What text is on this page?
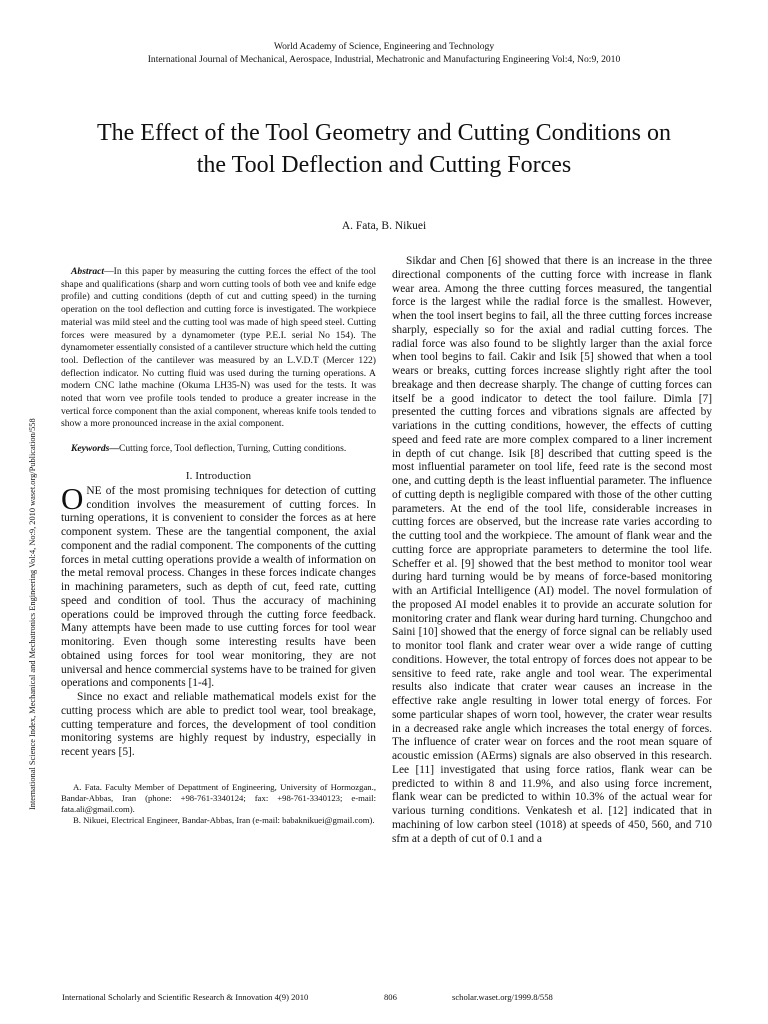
World Academy of Science, Engineering and Technology
International Journal of Mechanical, Aerospace, Industrial, Mechatronic and Manufacturing Engineering Vol:4, No:9, 2010
The Effect of the Tool Geometry and Cutting Conditions on the Tool Deflection and Cutting Forces
A. Fata, B. Nikuei
International Science Index, Mechanical and Mechatronics Engineering Vol:4, No:9, 2010 waset.org/Publication/558

Abstract—In this paper by measuring the cutting forces the effect of the tool shape and qualifications (sharp and worn cutting tools of both vee and knife edge profile) and cutting conditions (depth of cut and cutting speed) in the turning operation on the tool deflection and cutting force is investigated. The workpiece material was mild steel and the cutting tool was made of high speed steel. Cutting forces were measured by a dynamometer (type P.E.I. serial No 154). The dynamometer essentially consisted of a cantilever structure which held the cutting tool. Deflection of the cantilever was measured by an L.V.D.T (Mercer 122) deflection indicator. No cutting fluid was used during the turning operations. A modern CNC lathe machine (Okuma LH35-N) was used for the tests. It was noted that worn vee profile tools tended to produce a greater increase in the vertical force component than the axial component, whereas knife tools tended to show a more pronounced increase in the axial component.

Keywords—Cutting force, Tool deflection, Turning, Cutting conditions.

I. Introduction

ONE of the most promising techniques for detection of cutting condition involves the measurement of cutting forces. In turning operations, it is convenient to consider the forces as at here component system. These are the tangential component, the axial component and the radial component. The components of the cutting forces in metal cutting operations provide a wealth of information on the metal removal process. Changes in these forces indicate changes in machining parameters, such as depth of cut, feed rate, cutting speed and condition of tool. Thus the accuracy of machining operations could be improved through the cutting force feedback. Many attempts have been made to use cutting forces for tool wear monitoring. Even though some interesting results have been obtained using forces for tool wear monitoring, they are not universal and hence commercial systems have to be trained for given operations and components [1-4].

Since no exact and reliable mathematical models exist for the cutting process which are able to predict tool wear, tool breakage, cutting temperature and forces, the development of tool condition monitoring systems are highly request by industry, especially in recent years [5].

A. Fata. Faculty Member of Depattment of Engineering, University of Hormozgan., Bandar-Abbas, Iran (phone: +98-761-3340124; fax: +98-761-3340123; e-mail: fata.ali@gmail.com).

B. Nikuei, Electrical Engineer, Bandar-Abbas, Iran (e-mail: babaknikuei@gmail.com).

Sikdar and Chen [6] showed that there is an increase in the three directional components of the cutting force with increase in flank wear area. Among the three cutting forces measured, the tangential force is the largest while the radial force is the smallest. However, when the tool insert begins to fail, all the three cutting forces increase sharply, especially so for the axial and radial cutting forces. The radial force was also found to be slightly larger than the axial force when tool begins to fail. Cakir and Isik [5] showed that when a tool wears or breaks, cutting forces increase slightly right after the tool breakage and then decrease sharply. The change of cutting forces can itself be a good indicator to detect the tool failure. Dimla [7] presented the cutting forces and vibrations signals are affected by variations in the cutting conditions, however, the effects of cutting speed and feed rate are more complex compared to a liner increment in depth of cut change. Isik [8] described that cutting speed is the most influential parameter on tool life, feed rate is the second most one, and cutting depth is the least influential parameter. The influence of cutting depth is negligible compared with those of the other cutting parameters. At the end of the tool life, considerable increases in cutting forces are observed, but the increase rate varies according to the cutting tool and the workpiece. The amount of flank wear and the cutting force are appropriate parameters to determine the tool life. Scheffer et al. [9] showed that the best method to monitor tool wear during hard turning would be by means of force-based monitoring with an Artificial Intelligence (AI) model. The novel formulation of the proposed AI model enables it to provide an accurate solution for monitoring crater and flank wear during hard turning. Chungchoo and Saini [10] showed that the energy of force signal can be reliably used to monitor tool flank and crater wear over a wide range of cutting conditions. However, the total entropy of forces does not appear to be sensitive to feed rate, rake angle and tool wear. The experimental results also indicate that crater wear causes an increase in the effective rake angle resulting in lower total energy of forces. For some particular shapes of worn tool, however, the crater wear results in a decreased rake angle which increases the total energy of forces. The influence of crater wear on forces and the root mean square of acoustic emission (AErms) signals are also observed in this research. Lee [11] investigated that using force ratios, flank wear can be predicted to within 8 and 11.9%, and also using force increment, flank wear can be predicted to within 10.3% of the actual wear for various turning conditions. Venkatesh et al. [12] indicated that in machining of low carbon steel (1018) at speeds of 450, 560, and 710 sfm at a depth of cut of 0.1 and a

International Scholarly and Scientific Research & Innovation 4(9) 2010	806	scholar.waset.org/1999.8/558
